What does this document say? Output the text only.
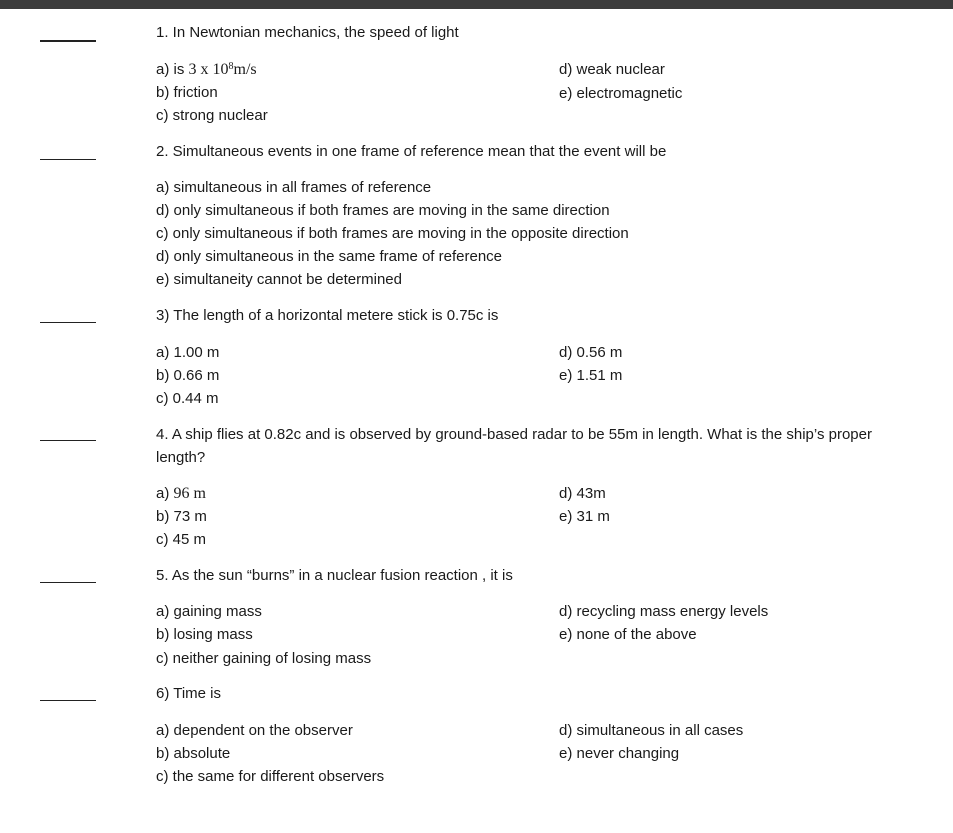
1. In Newtonian mechanics, the speed of light
a) is 3 x $10^8m/s$
b) friction
c) strong nuclear
d) weak nuclear
e) electromagnetic
2. Simultaneous events in one frame of reference mean that the event will be
a) simultaneous in all frames of reference
d) only simultaneous if both frames are moving in the same direction
c) only simultaneous if both frames are moving in the opposite direction
d) only simultaneous in the same frame of reference
e) simultaneity cannot be determined
3) The length of a horizontal metere stick is 0.75c is
a) 1.00 m
b) 0.66 m
c) 0.44 m
d) 0.56 m
e) 1.51 m
4. A ship flies at 0.82c and is observed by ground-based radar to be 55m in length. What is the ship’s proper length?
a) 96 m
b) 73 m
c) 45 m
d) 43m
e) 31 m
5. As the sun “burns” in a nuclear fusion reaction , it is
a) gaining mass
b) losing mass
c) neither gaining of losing mass
d) recycling mass energy levels
e) none of the above
6) Time is
a) dependent on the observer
b) absolute
c) the same for different observers
d) simultaneous in all cases
e) never changing
